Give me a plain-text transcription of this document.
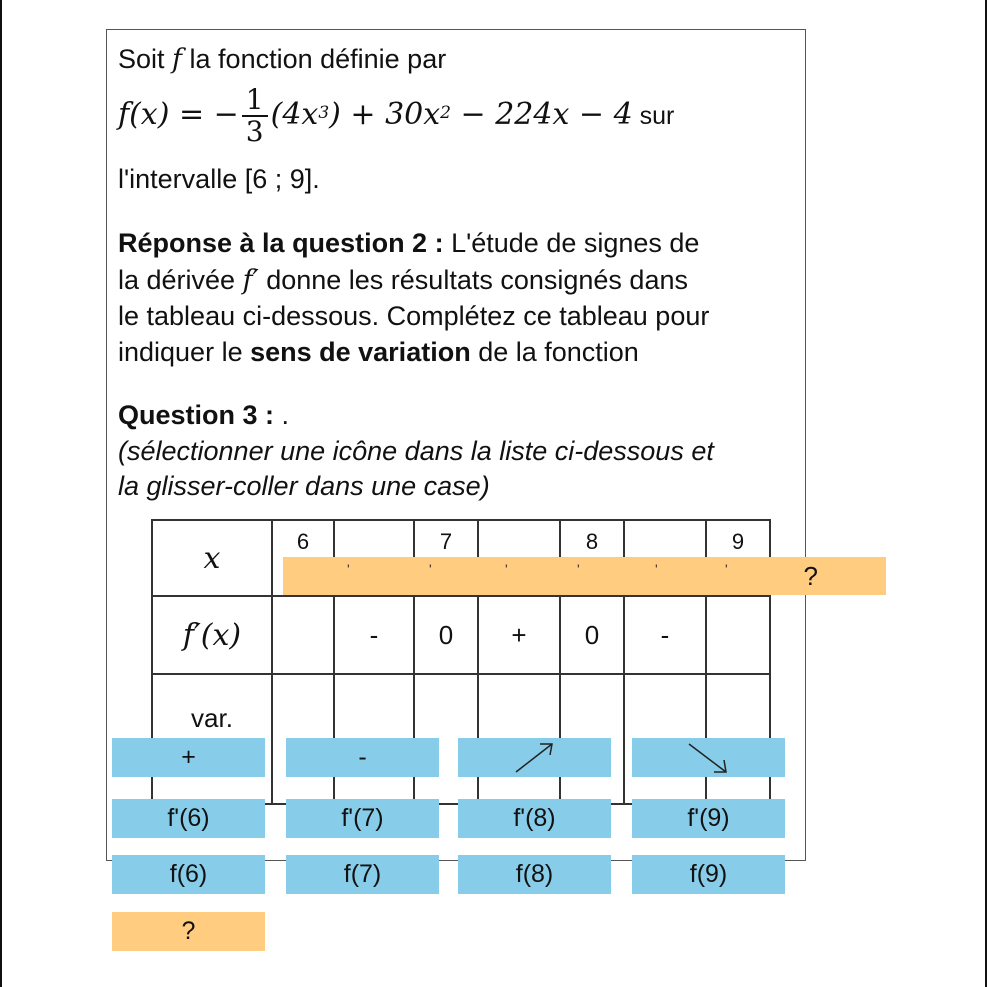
Soit f la fonction définie par
f(x) = − $\frac{1}{3} (4x^3) + 30x^2 - 224x - 4$ sur
l'intervalle [6 ; 9].
Réponse à la question 2 : L'étude de signes de
la dérivée f′ donne les résultats consignés dans
le tableau ci-dessous. Complétez ce tableau pour
indiquer le sens de variation de la fonction
Question 3 : .
(sélectionner une icône dans la liste ci-dessous et
la glisser-coller dans une case)
x	$^6$		$^7$		$^8$		$^9$
f′(x)		-	0	+	0	-	
var.							
'	'	'	'	'	'	?
+	-
f'(6)	f'(7)	f'(8)	f'(9)
f(6)	f(7)	f(8)	f(9)
?
